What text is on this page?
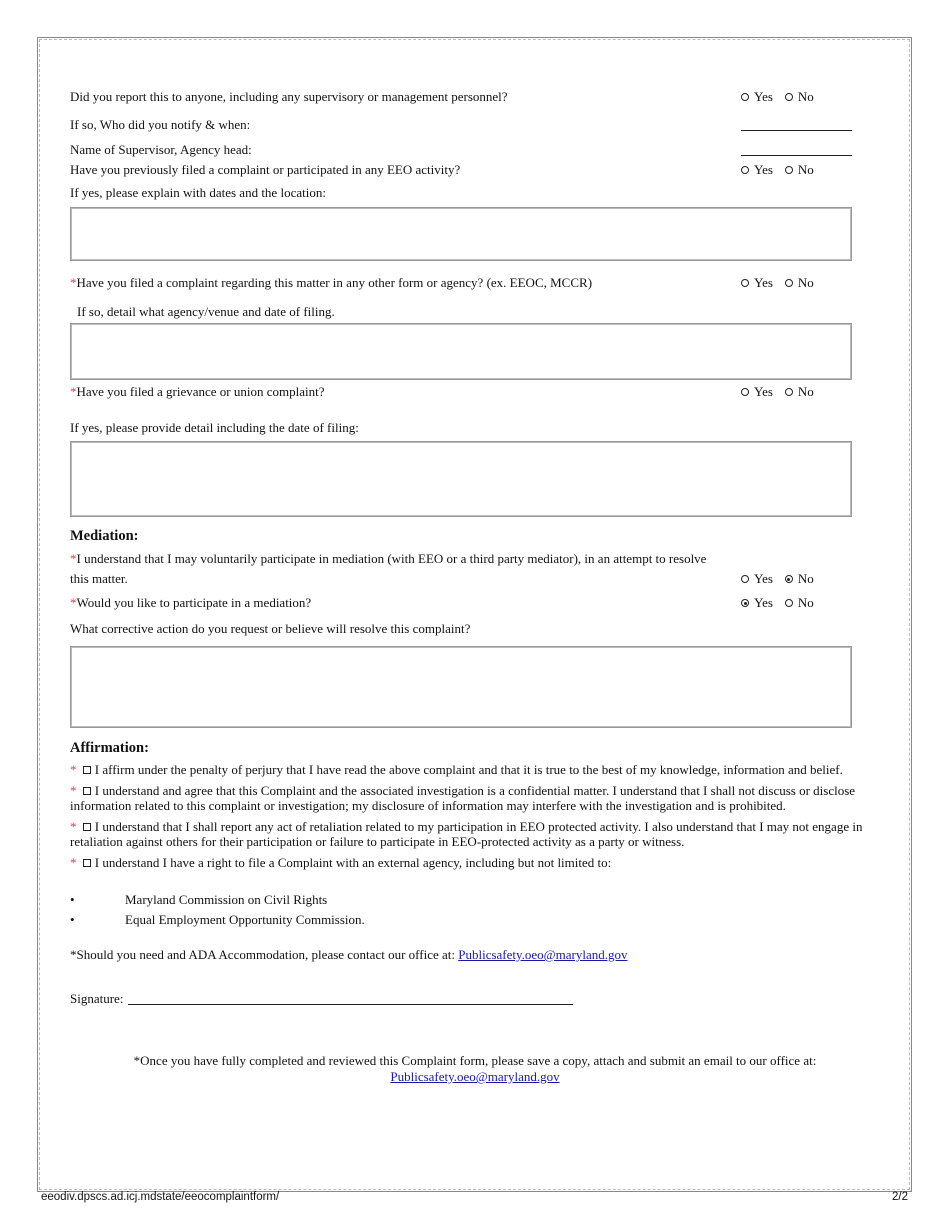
Did you report this to anyone, including any supervisory or management personnel?	Yes No
If so, Who did you notify & when:
Name of Supervisor, Agency head:
Have you previously filed a complaint or participated in any EEO activity?	Yes No
If yes, please explain with dates and the location:
*Have you filed a complaint regarding this matter in any other form or agency? (ex. EEOC, MCCR)	Yes No
If so, detail what agency/venue and date of filing.
*Have you filed a grievance or union complaint?	Yes No
If yes, please provide detail including the date of filing:
Mediation:
*I understand that I may voluntarily participate in mediation (with EEO or a third party mediator), in an attempt to resolve
this matter.	Yes No
*Would you like to participate in a mediation?	Yes No
What corrective action do you request or believe will resolve this complaint?
Affirmation:
* I affirm under the penalty of perjury that I have read the above complaint and that it is true to the best of my knowledge, information and belief.
* I understand and agree that this Complaint and the associated investigation is a confidential matter. I understand that I shall not discuss or disclose information related to this complaint or investigation; my disclosure of information may interfere with the investigation and is prohibited.
* I understand that I shall report any act of retaliation related to my participation in EEO protected activity. I also understand that I may not engage in retaliation against others for their participation or failure to participate in EEO-protected activity as a party or witness.
* I understand I have a right to file a Complaint with an external agency, including but not limited to:
•	Maryland Commission on Civil Rights
•	Equal Employment Opportunity Commission.
*Should you need and ADA Accommodation, please contact our office at: Publicsafety.oeo@maryland.gov
Signature:
*Once you have fully completed and reviewed this Complaint form, please save a copy, attach and submit an email to our office at:
Publicsafety.oeo@maryland.gov
eeodiv.dpscs.ad.icj.mdstate/eeocomplaintform/	2/2
